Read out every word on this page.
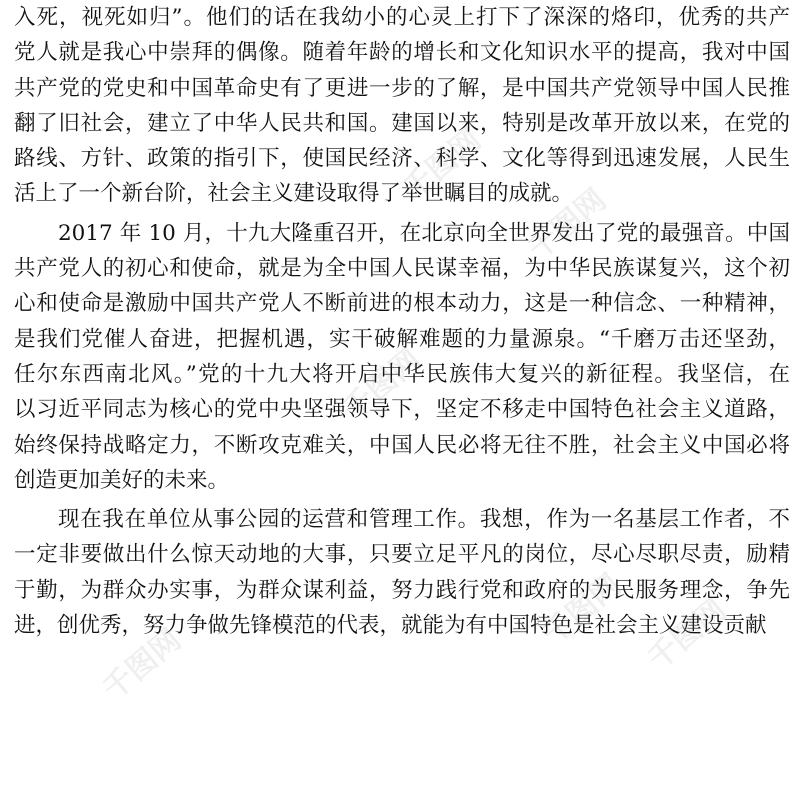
入死，视死如归”。他们的话在我幼小的心灵上打下了深深的烙印，优秀的共产
党人就是我心中崇拜的偶像。随着年龄的增长和文化知识水平的提高，我对中国
共产党的党史和中国革命史有了更进一步的了解，是中国共产党领导中国人民推
翻了旧社会，建立了中华人民共和国。建国以来，特别是改革开放以来，在党的
路线、方针、政策的指引下，使国民经济、科学、文化等得到迅速发展，人民生
活上了一个新台阶，社会主义建设取得了举世瞩目的成就。
2017 年 10 月，十九大隆重召开，在北京向全世界发出了党的最强音。中国
共产党人的初心和使命，就是为全中国人民谋幸福，为中华民族谋复兴，这个初
心和使命是激励中国共产党人不断前进的根本动力，这是一种信念、一种精神，
是我们党催人奋进，把握机遇，实干破解难题的力量源泉。“千磨万击还坚劲，
任尔东西南北风。”党的十九大将开启中华民族伟大复兴的新征程。我坚信，在
以习近平同志为核心的党中央坚强领导下，坚定不移走中国特色社会主义道路，
始终保持战略定力，不断攻克难关，中国人民必将无往不胜，社会主义中国必将
创造更加美好的未来。
现在我在单位从事公园的运营和管理工作。我想，作为一名基层工作者，不
一定非要做出什么惊天动地的大事，只要立足平凡的岗位，尽心尽职尽责，励精
于勤，为群众办实事，为群众谋利益，努力践行党和政府的为民服务理念，争先
进，创优秀，努力争做先锋模范的代表，就能为有中国特色是社会主义建设贡献
千图网
千图网
千图网
千图网 千图网
千图网
